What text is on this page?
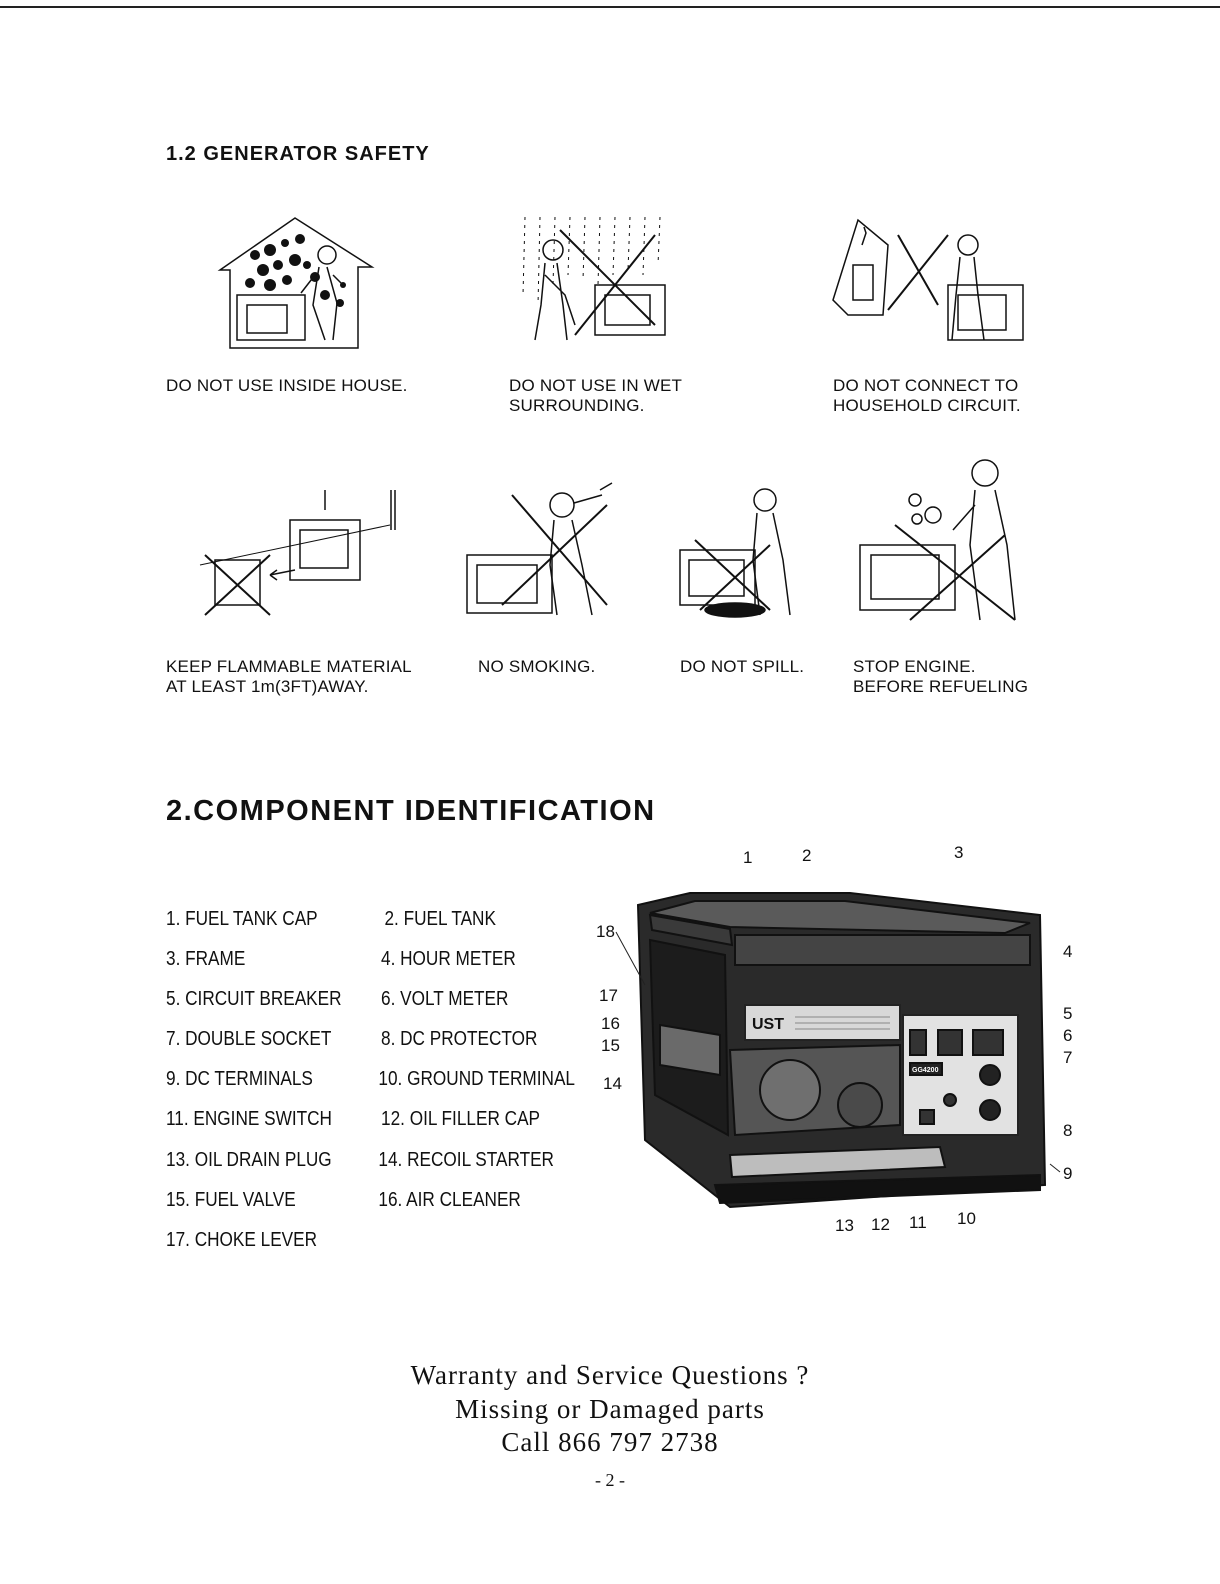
1.2 GENERATOR SAFETY
DO NOT USE INSIDE HOUSE.	DO NOT USE IN WET
SURROUNDING.
DO NOT CONNECT TO
HOUSEHOLD CIRCUIT.
KEEP FLAMMABLE MATERIAL
AT LEAST 1m(3FT)AWAY.
NO SMOKING.	DO NOT SPILL.	STOP ENGINE.
BEFORE REFUELING
2.COMPONENT IDENTIFICATION
1. FUEL TANK CAP	2. FUEL TANK
3. FRAME	4. HOUR METER
5. CIRCUIT BREAKER 6. VOLT METER
7. DOUBLE SOCKET 8. DC PROTECTOR
9. DC TERMINALS	10. GROUND TERMINAL
11. ENGINE SWITCH 12. OIL FILLER CAP
13. OIL DRAIN PLUG 14. RECOIL STARTER
15. FUEL VALVE	16. AIR CLEANER
17. CHOKE LEVER
UST
GG4200
1	2	3
4
5
6
7
8
9
10
11
12
13
14
15
16
17
18
Warranty and Service Questions ?
Missing or Damaged parts
Call 866 797 2738
- 2 -
